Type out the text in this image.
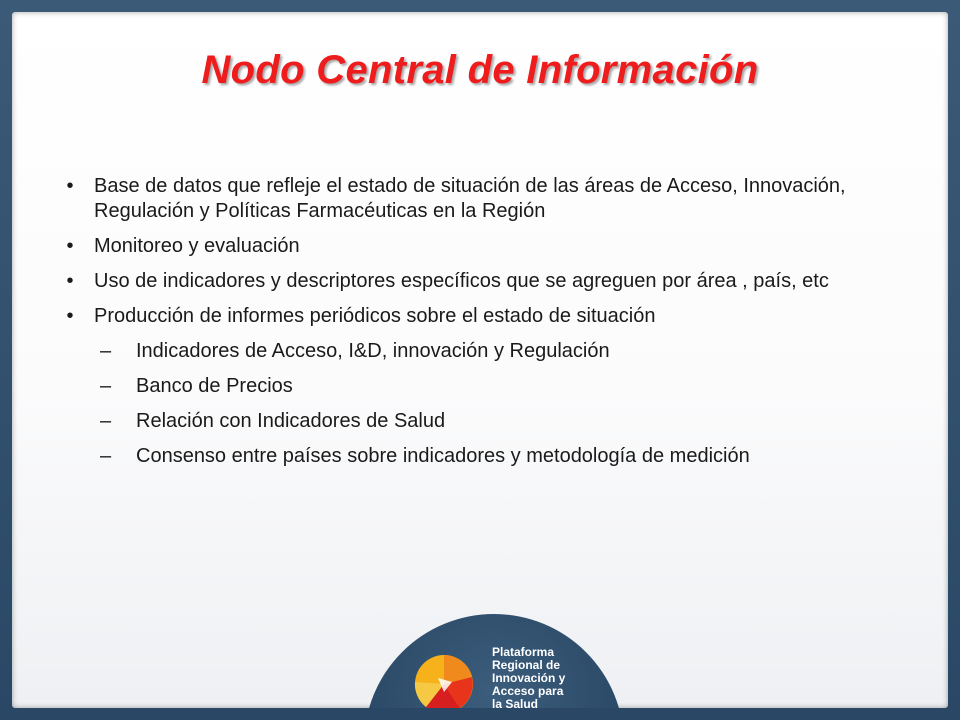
Nodo Central de Información
•	Base de datos que refleje el estado de situación de las áreas de Acceso, Innovación, Regulación y Políticas Farmacéuticas en la Región
•	Monitoreo y evaluación
•	Uso de indicadores y descriptores específicos que se agreguen por área , país, etc
•	Producción de informes periódicos sobre el estado de situación
– Indicadores de Acceso, I&D, innovación y Regulación
– Banco de Precios
– Relación con Indicadores de Salud
– Consenso entre países sobre indicadores y metodología de medición
Plataforma
Regional de
Innovación y
Acceso para
la Salud
